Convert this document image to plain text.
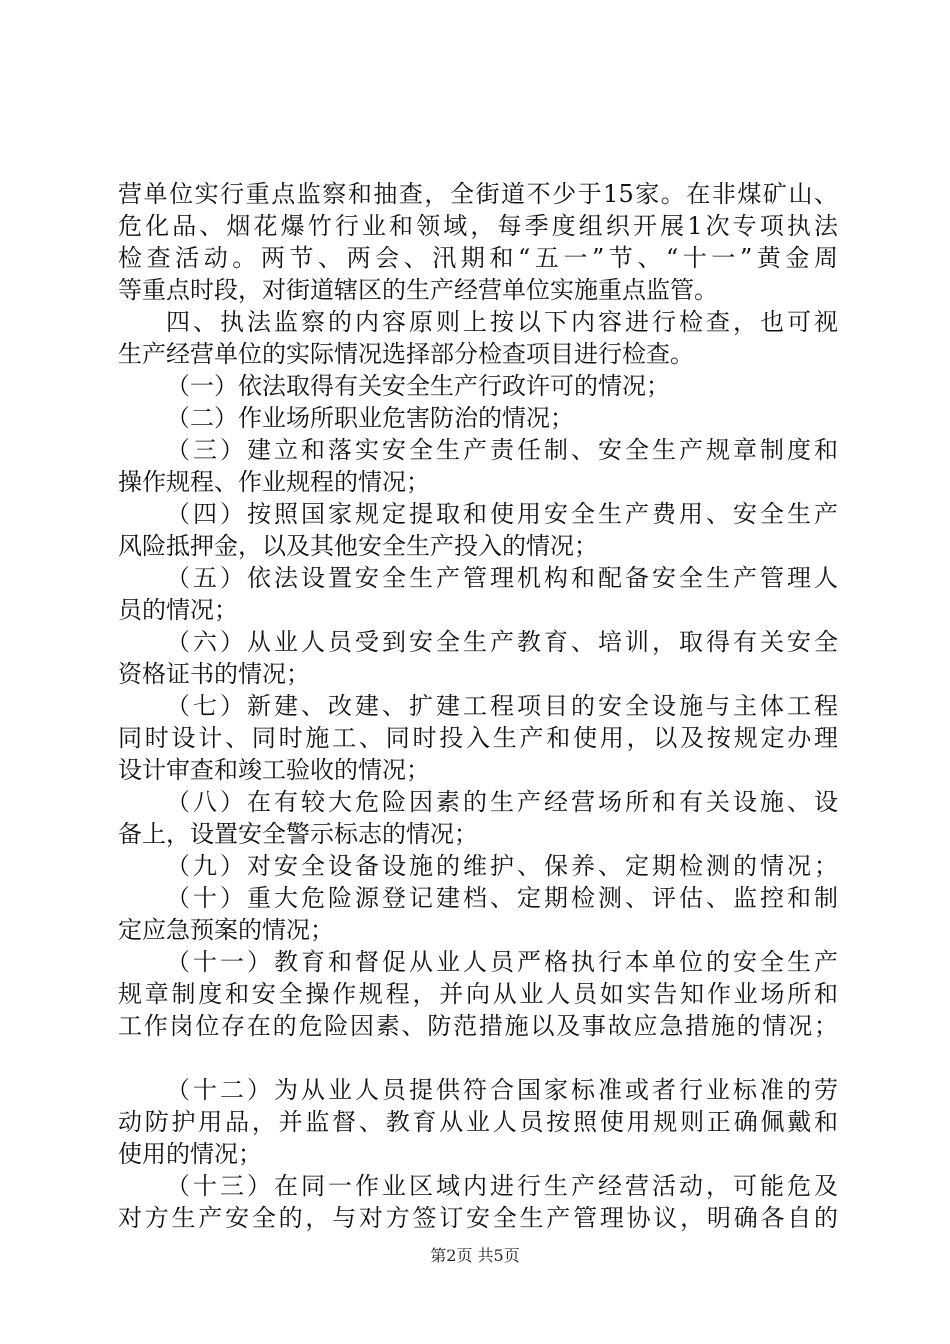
营单位实行重点监察和抽查，全街道不少于15家。在非煤矿山、
危化品、烟花爆竹行业和领域，每季度组织开展1次专项执法
检查活动。两节、两会、汛期和“五一”节、“十一”黄金周
等重点时段，对街道辖区的生产经营单位实施重点监管。
四、执法监察的内容原则上按以下内容进行检查，也可视
生产经营单位的实际情况选择部分检查项目进行检查。
（一）依法取得有关安全生产行政许可的情况；
（二）作业场所职业危害防治的情况；
（三）建立和落实安全生产责任制、安全生产规章制度和
操作规程、作业规程的情况；
（四）按照国家规定提取和使用安全生产费用、安全生产
风险抵押金，以及其他安全生产投入的情况；
（五）依法设置安全生产管理机构和配备安全生产管理人
员的情况；
（六）从业人员受到安全生产教育、培训，取得有关安全
资格证书的情况；
（七）新建、改建、扩建工程项目的安全设施与主体工程
同时设计、同时施工、同时投入生产和使用，以及按规定办理
设计审查和竣工验收的情况；
（八）在有较大危险因素的生产经营场所和有关设施、设
备上，设置安全警示标志的情况；
（九）对安全设备设施的维护、保养、定期检测的情况；
（十）重大危险源登记建档、定期检测、评估、监控和制
定应急预案的情况；
（十一）教育和督促从业人员严格执行本单位的安全生产
规章制度和安全操作规程，并向从业人员如实告知作业场所和
工作岗位存在的危险因素、防范措施以及事故应急措施的情况；
（十二）为从业人员提供符合国家标准或者行业标准的劳
动防护用品，并监督、教育从业人员按照使用规则正确佩戴和
使用的情况；
（十三）在同一作业区域内进行生产经营活动，可能危及
对方生产安全的，与对方签订安全生产管理协议，明确各自的
第2页 共5页
